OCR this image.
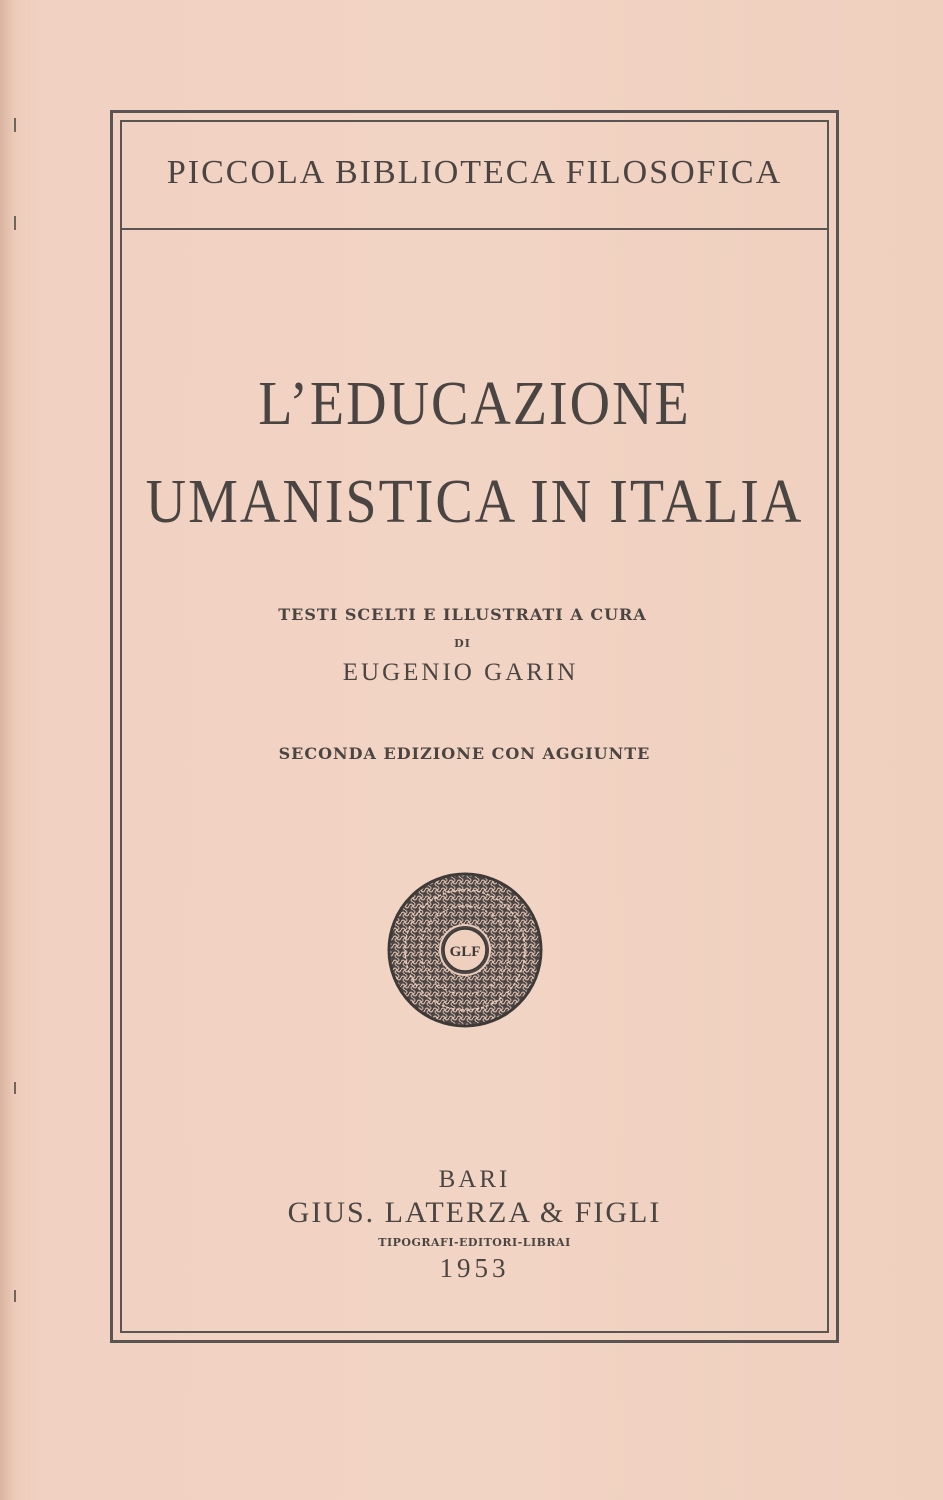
PICCOLA BIBLIOTECA FILOSOFICA
L’EDUCAZIONE
UMANISTICA IN ITALIA
TESTI SCELTI E ILLUSTRATI A CURA
DI
EUGENIO GARIN
SECONDA EDIZIONE CON AGGIUNTE
GLF
BARI
GIUS. LATERZA & FIGLI
TIPOGRAFI-EDITORI-LIBRAI
1953
